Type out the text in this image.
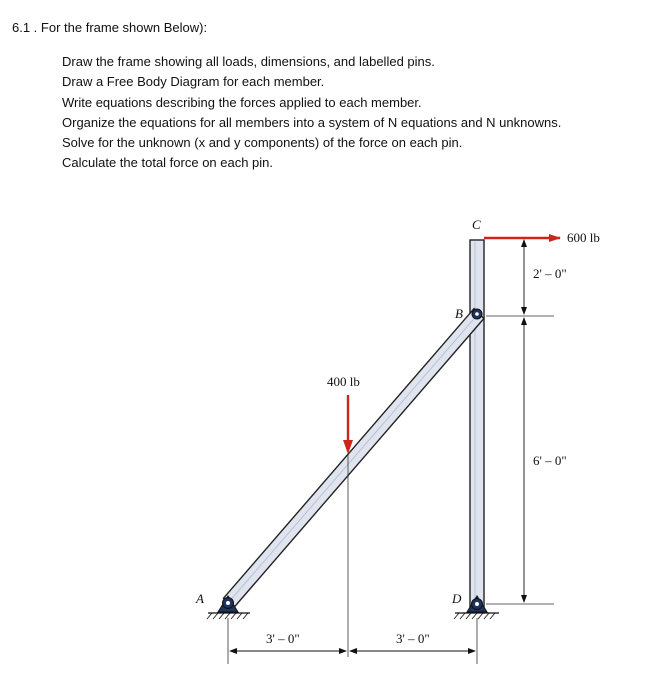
6.1 . For the frame shown Below):
Draw the frame showing all loads, dimensions, and labelled pins.
Draw a Free Body Diagram for each member.
Write equations describing the forces applied to each member.
Organize the equations for all members into a system of N equations and N unknowns.
Solve for the unknown (x and y components) of the force on each pin.
Calculate the total force on each pin.
A
B
C
D
400 lb
600 lb
3' – 0"	3' – 0"
2' – 0"
6' – 0"
